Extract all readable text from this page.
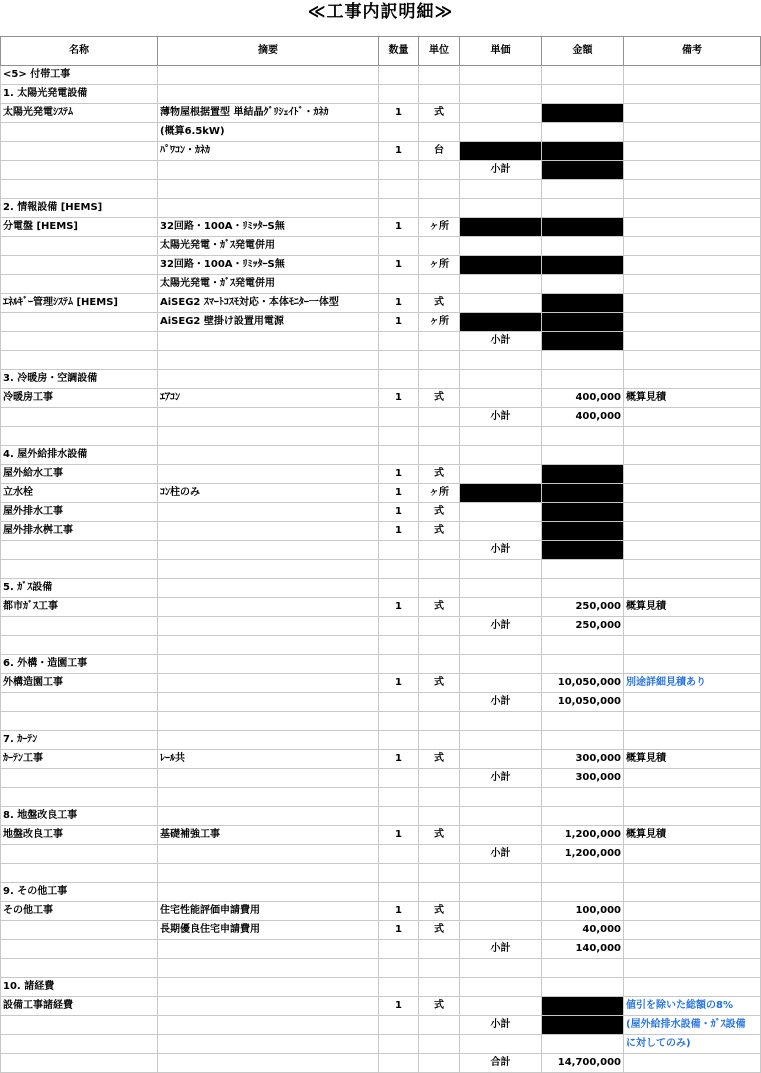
≪工事内訳明細≫
名称	摘要	数量	単位	単価	金額	備考
<5> 付帯工事						
1. 太陽光発電設備						
太陽光発電ｼｽﾃﾑ	薄物屋根据置型 単結晶ｸﾞﾘｼｪｲﾄﾞ・ｶﾈｶ	1	式			
	(概算6.5kW)					
	ﾊﾟﾜｺﾝ・ｶﾈｶ	1	台			
				小計		

2. 情報設備 [HEMS]						
分電盤 [HEMS]	32回路・100A・ﾘﾐｯﾀｰS無	1	ヶ所			
	太陽光発電・ｶﾞｽ発電併用					
	32回路・100A・ﾘﾐｯﾀｰS無	1	ヶ所			
	太陽光発電・ｶﾞｽ発電併用					
ｴﾈﾙｷﾞｰ管理ｼｽﾃﾑ [HEMS]	AiSEG2 ｽﾏｰﾄｺｽﾓ対応・本体ﾓﾆﾀｰ一体型	1	式			
	AiSEG2 壁掛け設置用電源	1	ヶ所			
				小計		

3. 冷暖房・空調設備						
冷暖房工事	ｴｱｺﾝ	1	式		400,000	概算見積
				小計	400,000	

4. 屋外給排水設備						
屋外給水工事		1	式			
立水栓	ｺﾝ柱のみ	1	ヶ所			
屋外排水工事		1	式			
屋外排水桝工事		1	式			
				小計		

5. ｶﾞｽ設備						
都市ｶﾞｽ工事		1	式		250,000	概算見積
				小計	250,000	

6. 外構・造園工事						
外構造園工事		1	式		10,050,000	別途詳細見積あり
				小計	10,050,000	

7. ｶｰﾃﾝ						
ｶｰﾃﾝ工事	ﾚｰﾙ共	1	式		300,000	概算見積
				小計	300,000	

8. 地盤改良工事						
地盤改良工事	基礎補強工事	1	式		1,200,000	概算見積
				小計	1,200,000	

9. その他工事						
その他工事	住宅性能評価申請費用	1	式		100,000	
	長期優良住宅申請費用	1	式		40,000	
				小計	140,000	

10. 諸経費						
設備工事諸経費		1	式			値引を除いた総額の8%
				小計		(屋外給排水設備・ｶﾞｽ設備
						に対してのみ)
				合計	14,700,000	
